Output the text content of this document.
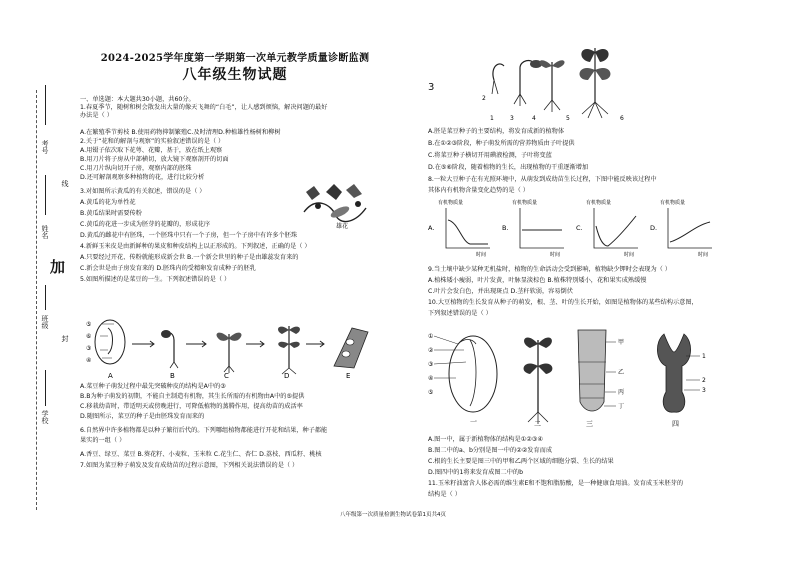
2024-2025学年度第一学期第一次单元教学质量诊断监测
八年级生物试题
考号
线
姓名
加
班级
封
学校
一、单选题：本大题共30小题，共60分。
1.春夏季节，随树和树会散发出大量的像天飞舞的“白毛”，让人感到烦恼，解决问题的最好
办法是（ ）
A.在繁殖季节剪枝 B.使用药物抑制繁殖C.及时清理D.种植雄性杨树和柳树
2.关于“花和的解剖与观察”的实验叙述错误的是（ ）
A.用镊子依次取下花萼、花瓣，基于，放在纸上观察
B.用刀片将子房从中部横切，放大镜下观察剖开的切面
C.用刀片纵向切开子房，观察内部的胚珠
D.还可解剖观察多种植物的花，进行比较分析
3.对如图所示黄瓜的有关叙述，错误的是（ ）
A.黄瓜的花为单性花
B.黄瓜结果时需要传粉
C.黄瓜的花进一步成为胚芽的花瓣的，形成花序
D.黄瓜的雌花中有胚珠，一个胚珠中只有一个子房，但一个子房中有许多个胚珠
4.新鲜玉米皮是由新鲜种的果皮和种皮结构上以正形成的。下列叙述，正确的是（ ）
A.只要经过开花、传粉就能形成新会世 B.一个新会世里的种子是由雄蕊发育来的
C.新会世是由子房发育来的 D.胚珠内的受精卵发育成种子的胚乳
5.如图所描述的是菜豆的一生。下列叙述错误的是（ ）
雄花
⑤
⑥
③
④
A	B	C	D	E
A.菜豆种子萌发过程中最先突破种皮的结构是A中的③
B.B为种子萌发的初期，不能自主制造有机物，其生长所需的有机物由A中的⑤提供
C.移栽幼苗时，带适明天或傍晚进行，可降低植物的蒸腾作用，提高幼苗的成活率
D.随图所示，菜豆的种子是由胚珠发育而来的
6.自然界中许多植物都是以种子繁衍后代的。下列哪组植物都能进行开花和结果，种子都能
果实的一组（ ）
A.香豆、绿豆、菜豆 B.葵花籽、小麦粒、玉米粒 C.花生仁、杏仁 D.荔枝、西瓜籽、桃核
7.如图为菜豆种子萌发及发育成幼苗的过程示意图，下列相关说法错误的是（ ）
3
1
2
3	4	5	6
A.胚是菜豆种子的主要结构，将发育成新的植物体
B.在①②③阶段，种子萌发所需的营养物质由子叶提供
C.将菜豆种子横切开用碘液检测，子叶将变蓝
D.在⑤⑥阶段，随着植物的生长，出现植物的干重逐渐增加
8.一粒大豆种子在有光照环境中，从萌发到成幼苗生长过程，下图中能反映该过程中
其体内有机物含量变化趋势的是（ ）
A.
有机物质量
时间
B.
有机物质量
时间
C.
有机物质量
时间
D.
有机物质量
时间
9.当土壤中缺少某种无机盐时，植物的生命活动会受到影响，植物缺少钾时会表现为（ ）
A.植株矮小瘦弱，叶片发黄，叶脉显淡棕色 B.植株特别矮小，花和果实成熟缓慢
C.叶片会发白色，并出现斑点 D.茎秆软弱，容易倒伏
10.大豆植物的生长发育从种子的萌发，根、茎、叶的生长开始，如图是植物体的某些结构示意图，
下列叙述错误的是（ ）
①
②
③
④
⑤
一	二
甲
乙
丙
丁
三
1
2
3
四
A.图一中，属于新植物体的结构是①②③④
B.图二中的a、b分别是图一中的②②发育而成
C.根的生长主要是图三中的甲和乙两个区域的细胞分裂、生长的结果
D.图四中的1将来发育成图二中的b
11.玉米籽油富含人体必需的维生素E和不饱和脂肪酸，是一种健康食用油。发育成玉米胚芽的
结构是（ ）
八年级第一次质量检测生物试卷第1页共4页
